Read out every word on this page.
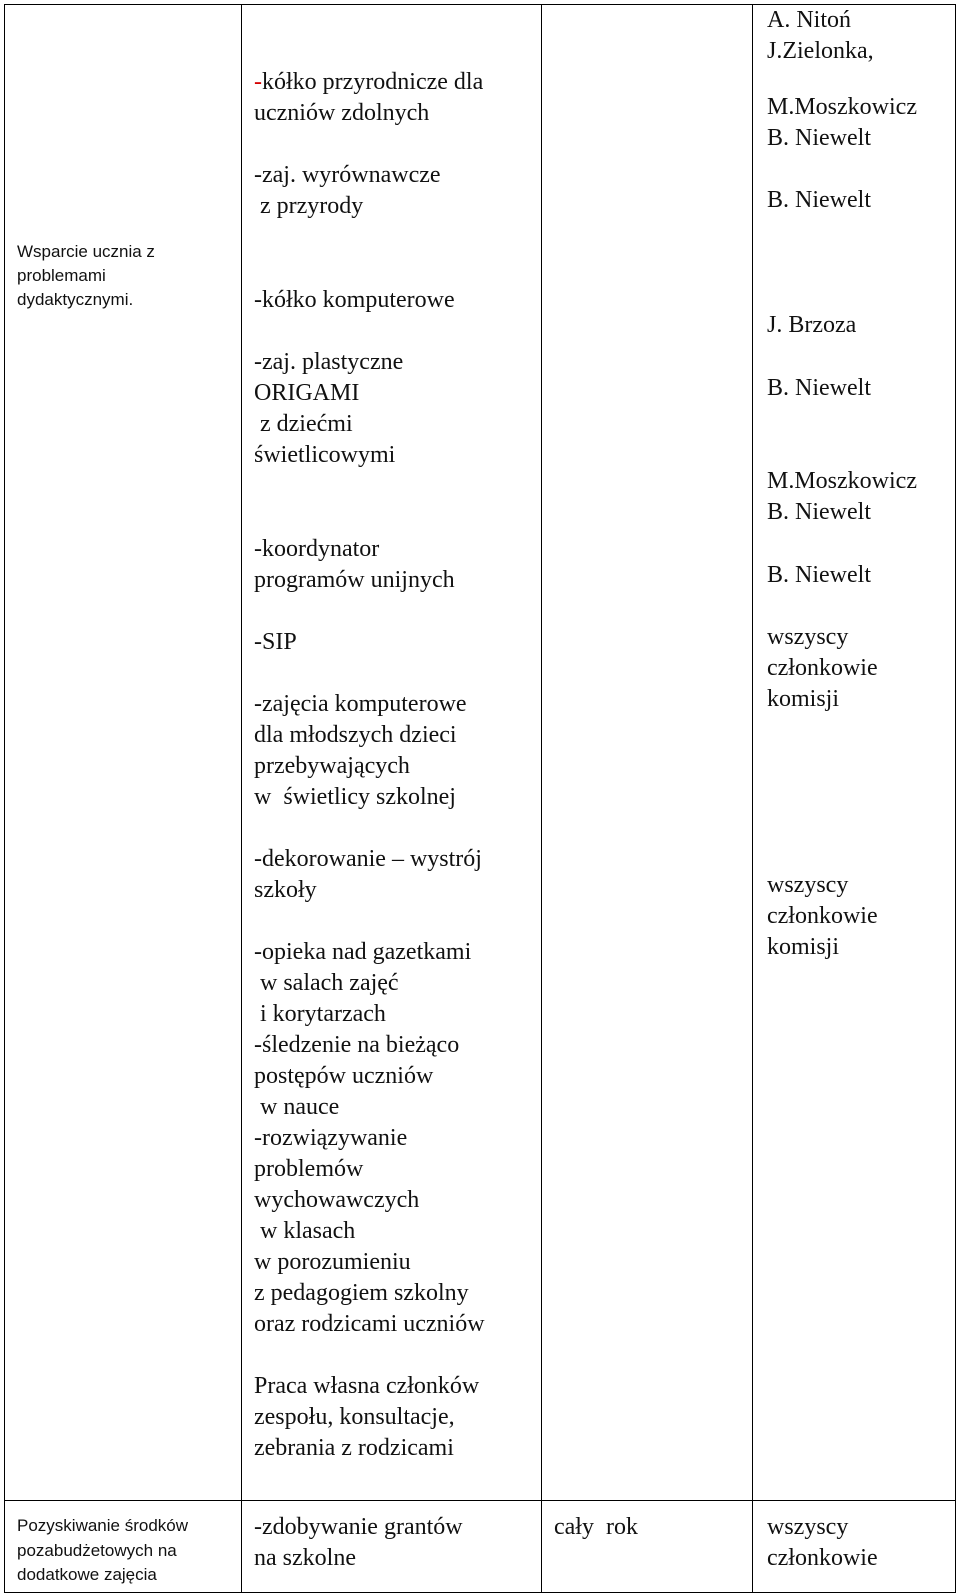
Wsparcie ucznia z
problemami
dydaktycznymi.
-kółko przyrodnicze dla
uczniów zdolnych
-zaj. wyrównawcze
z przyrody
-kółko komputerowe
-zaj. plastyczne
ORIGAMI
z dziećmi
świetlicowymi
-koordynator
programów unijnych
-SIP
-zajęcia komputerowe
dla młodszych dzieci
przebywających
w  świetlicy szkolnej
-dekorowanie – wystrój
szkoły
-opieka nad gazetkami
w salach zajęć
i korytarzach
-śledzenie na bieżąco
postępów uczniów
w nauce
-rozwiązywanie
problemów
wychowawczych
w klasach
w porozumieniu
z pedagogiem szkolny
oraz rodzicami uczniów
Praca własna członków
zespołu, konsultacje,
zebrania z rodzicami
A. Nitoń
J.Zielonka,
M.Moszkowicz
B. Niewelt
B. Niewelt
J. Brzoza
B. Niewelt
M.Moszkowicz
B. Niewelt
B. Niewelt
wszyscy
członkowie
komisji
wszyscy
członkowie
komisji
Pozyskiwanie środków
pozabudżetowych na
dodatkowe zajęcia
-zdobywanie grantów
na szkolne
cały  rok	wszyscy
członkowie
